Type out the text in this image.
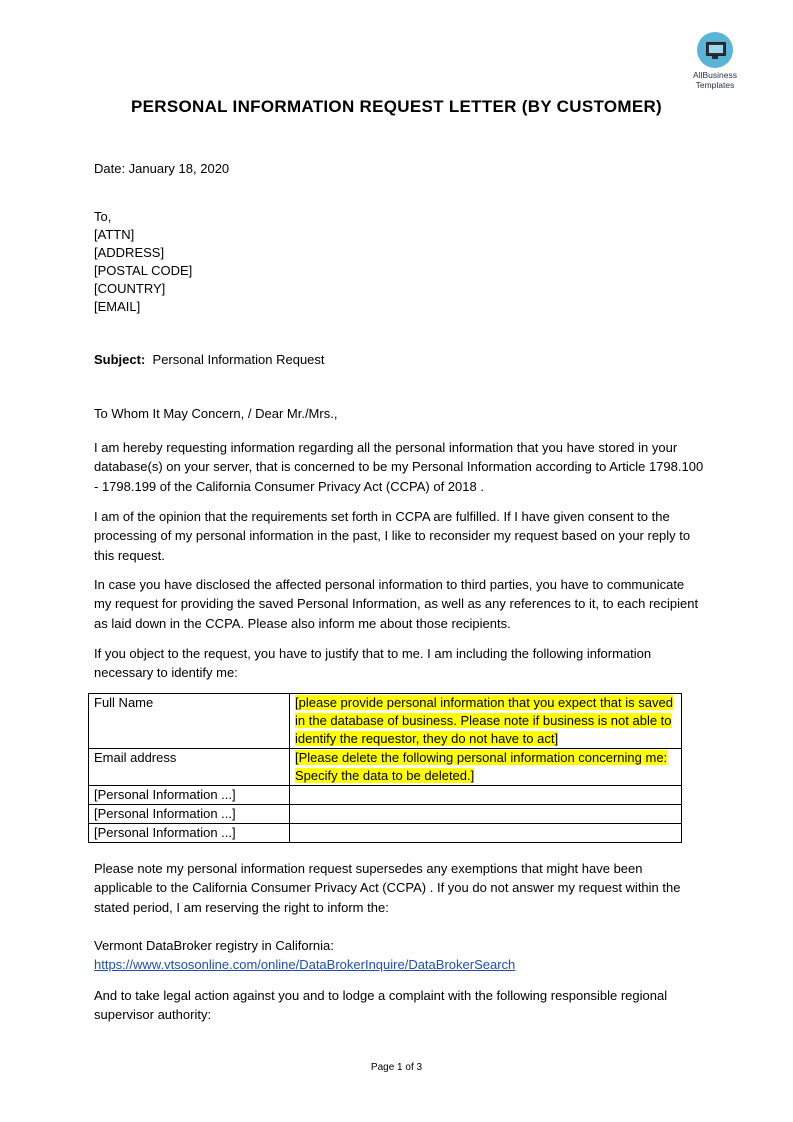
AllBusiness
Templates
PERSONAL INFORMATION REQUEST LETTER (BY CUSTOMER)
Date: January 18, 2020
To,
[ATTN]
[ADDRESS]
[POSTAL CODE]
[COUNTRY]
[EMAIL]
Subject: Personal Information Request
To Whom It May Concern, / Dear Mr./Mrs.,
I am hereby requesting information regarding all the personal information that you have stored in your database(s) on your server, that is concerned to be my Personal Information according to Article 1798.100 - 1798.199 of the California Consumer Privacy Act (CCPA) of 2018 .
I am of the opinion that the requirements set forth in CCPA are fulfilled. If I have given consent to the processing of my personal information in the past, I like to reconsider my request based on your reply to this request.
In case you have disclosed the affected personal information to third parties, you have to communicate my request for providing the saved Personal Information, as well as any references to it, to each recipient as laid down in the CCPA. Please also inform me about those recipients.
If you object to the request, you have to justify that to me. I am including the following information necessary to identify me:
Full Name	[please provide personal information that you expect that is saved in the database of business. Please note if business is not able to identify the requestor, they do not have to act]
Email address	[Please delete the following personal information concerning me: Specify the data to be deleted.]
[Personal Information ...]	
[Personal Information ...]	
[Personal Information ...]	
Please note my personal information request supersedes any exemptions that might have been applicable to the California Consumer Privacy Act (CCPA) . If you do not answer my request within the stated period, I am reserving the right to inform the:
Vermont DataBroker registry in California:
https://www.vtsosonline.com/online/DataBrokerInquire/DataBrokerSearch
And to take legal action against you and to lodge a complaint with the following responsible regional supervisor authority:
Page 1 of 3
